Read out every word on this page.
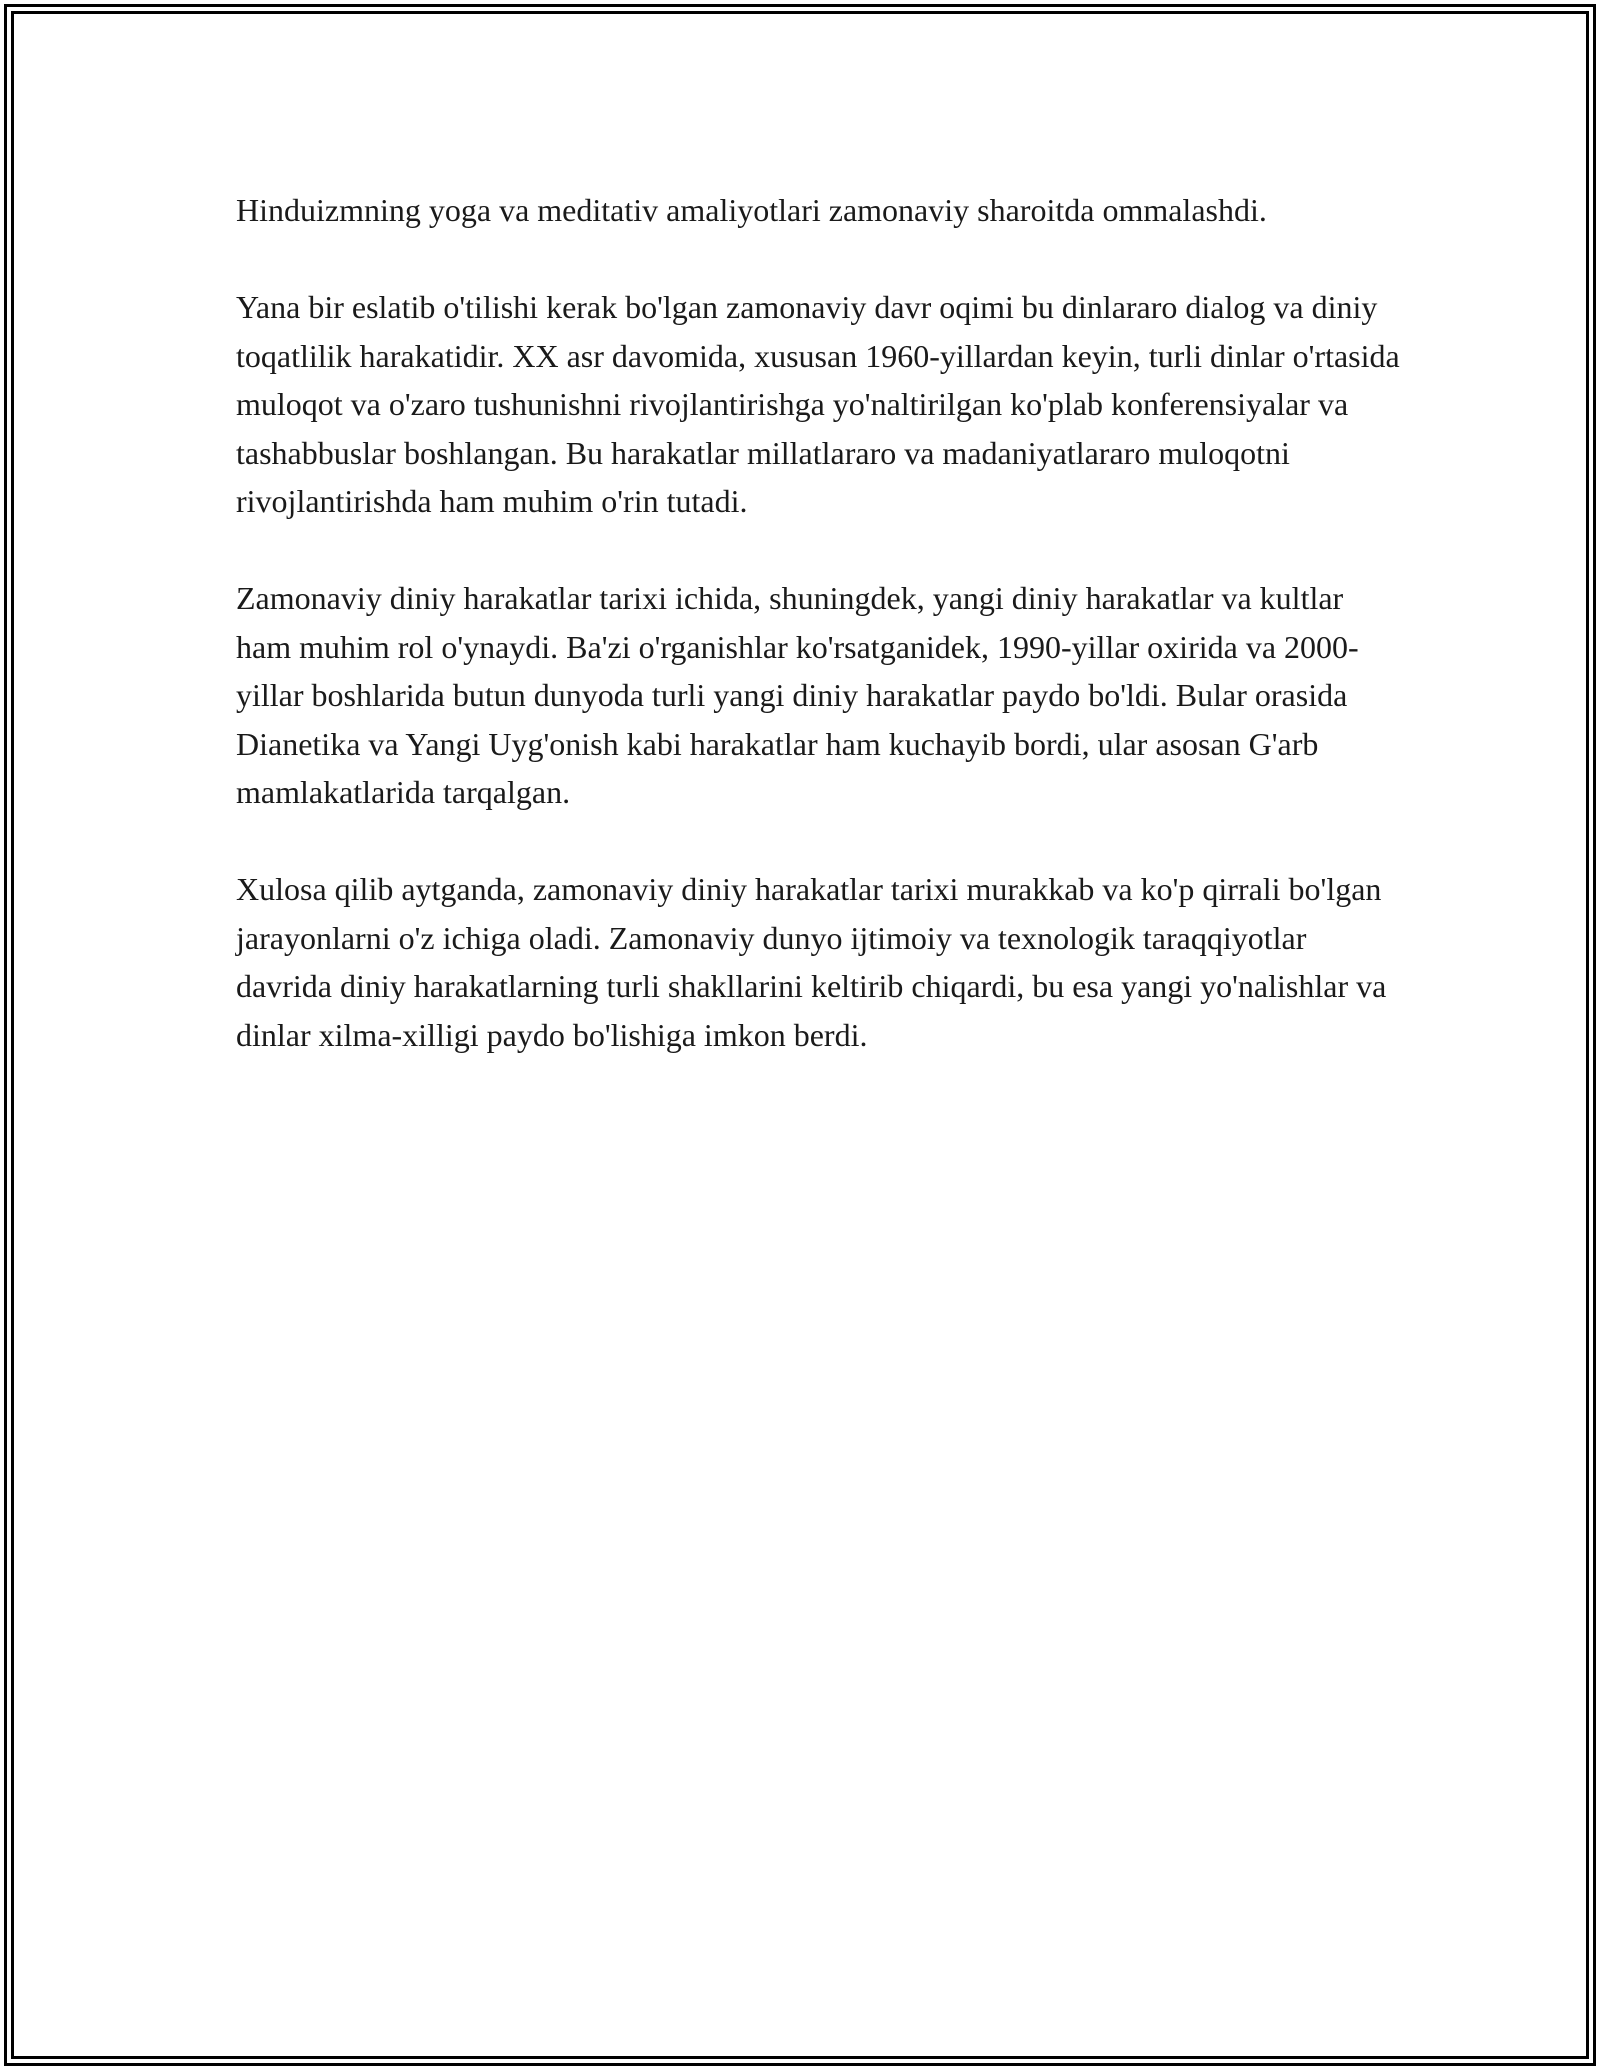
Hinduizmning yoga va meditativ amaliyotlari zamonaviy sharoitda ommalashdi.

Yana bir eslatib o'tilishi kerak bo'lgan zamonaviy davr oqimi bu dinlararo dialog va diniy toqatlilik harakatidir. XX asr davomida, xususan 1960-yillardan keyin, turli dinlar o'rtasida muloqot va o'zaro tushunishni rivojlantirishga yo'naltirilgan ko'plab konferensiyalar va tashabbuslar boshlangan. Bu harakatlar millatlararo va madaniyatlararo muloqotni rivojlantirishda ham muhim o'rin tutadi.

Zamonaviy diniy harakatlar tarixi ichida, shuningdek, yangi diniy harakatlar va kultlar ham muhim rol o'ynaydi. Ba'zi o'rganishlar ko'rsatganidek, 1990-yillar oxirida va 2000-yillar boshlarida butun dunyoda turli yangi diniy harakatlar paydo bo'ldi. Bular orasida Dianetika va Yangi Uyg'onish kabi harakatlar ham kuchayib bordi, ular asosan G'arb mamlakatlarida tarqalgan.

Xulosa qilib aytganda, zamonaviy diniy harakatlar tarixi murakkab va ko'p qirrali bo'lgan jarayonlarni o'z ichiga oladi. Zamonaviy dunyo ijtimoiy va texnologik taraqqiyotlar davrida diniy harakatlarning turli shakllarini keltirib chiqardi, bu esa yangi yo'nalishlar va dinlar xilma-xilligi paydo bo'lishiga imkon berdi.
